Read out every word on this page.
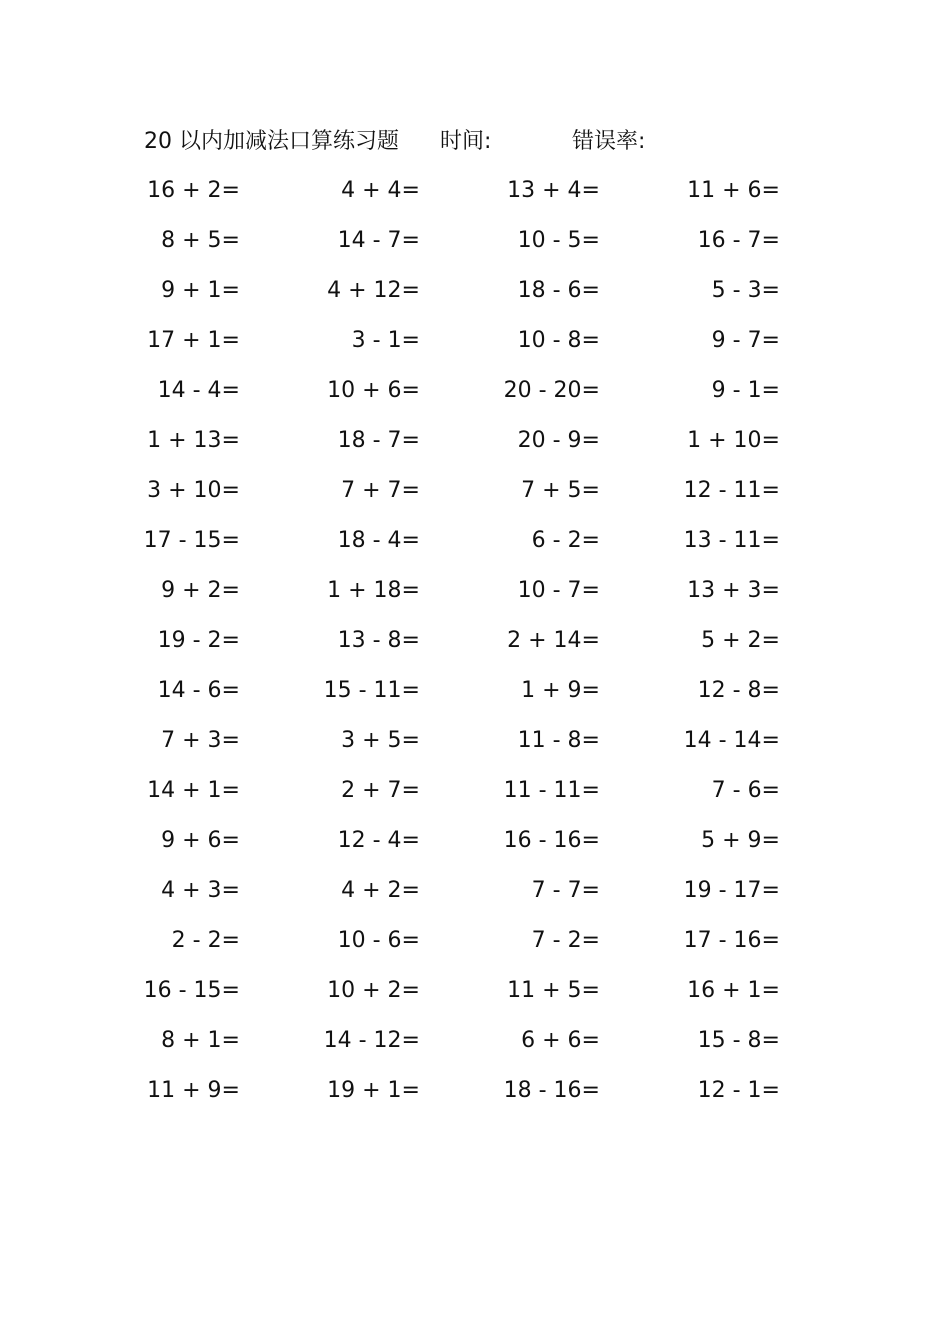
20 以内加减法口算练习题 时间:	错误率:
16 + 2=	4 + 4=	13 + 4=	11 + 6=
8 + 5=	14 - 7=	10 - 5=	16 - 7=
9 + 1=	4 + 12=	18 - 6=	5 - 3=
17 + 1=	3 - 1=	10 - 8=	9 - 7=
14 - 4=	10 + 6=	20 - 20=	9 - 1=
1 + 13=	18 - 7=	20 - 9=	1 + 10=
3 + 10=	7 + 7=	7 + 5=	12 - 11=
17 - 15=	18 - 4=	6 - 2=	13 - 11=
9 + 2=	1 + 18=	10 - 7=	13 + 3=
19 - 2=	13 - 8=	2 + 14=	5 + 2=
14 - 6=	15 - 11=	1 + 9=	12 - 8=
7 + 3=	3 + 5=	11 - 8=	14 - 14=
14 + 1=	2 + 7=	11 - 11=	7 - 6=
9 + 6=	12 - 4=	16 - 16=	5 + 9=
4 + 3=	4 + 2=	7 - 7=	19 - 17=
2 - 2=	10 - 6=	7 - 2=	17 - 16=
16 - 15=	10 + 2=	11 + 5=	16 + 1=
8 + 1=	14 - 12=	6 + 6=	15 - 8=
11 + 9=	19 + 1=	18 - 16=	12 - 1=
